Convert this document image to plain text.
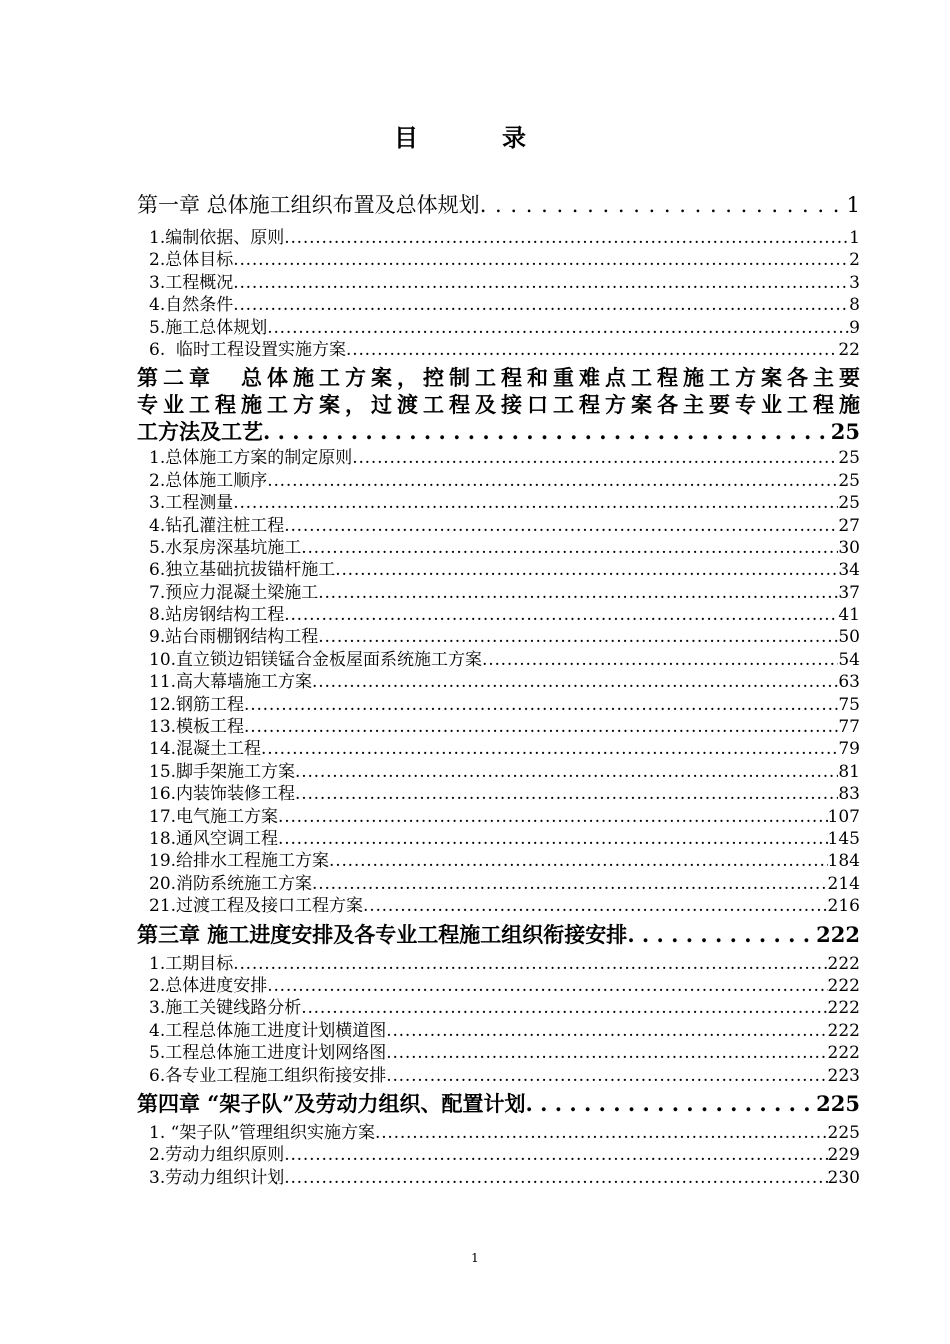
目　录
第一章 总体施工组织布置及总体规划 . . .	1
1.编制依据、原则 . . .	1
2.总体目标 . . .	2
3.工程概况 . . .	3
4.自然条件 . . .	8
5.施工总体规划 . . .	9
6.  临时工程设置实施方案 . . .	22
第二章　总体施工方案，控制工程和重难点工程施工方案各主要
专业工程施工方案，过渡工程及接口工程方案各主要专业工程施
工方法及工艺 . . .	25
1.总体施工方案的制定原则 . . .	25
2.总体施工顺序 . . .	25
3.工程测量 . . .	25
4.钻孔灌注桩工程 . . .	27
5.水泵房深基坑施工 . . .	30
6.独立基础抗拔锚杆施工 . . .	34
7.预应力混凝土梁施工 . . .	37
8.站房钢结构工程 . . .	41
9.站台雨棚钢结构工程 . . .	50
10.直立锁边铝镁锰合金板屋面系统施工方案 . . .	54
11.高大幕墙施工方案 . . .	63
12.钢筋工程 . . .	75
13.模板工程 . . .	77
14.混凝土工程 . . .	79
15.脚手架施工方案 . . .	81
16.内装饰装修工程 . . .	83
17.电气施工方案 . . .	107
18.通风空调工程 . . .	145
19.给排水工程施工方案 . . .	184
20.消防系统施工方案 . . .	214
21.过渡工程及接口工程方案 . . .	216
第三章 施工进度安排及各专业工程施工组织衔接安排 . . .	222
1.工期目标 . . .	222
2.总体进度安排 . . .	222
3.施工关键线路分析 . . .	222
4.工程总体施工进度计划横道图 . . .	222
5.工程总体施工进度计划网络图 . . .	222
6.各专业工程施工组织衔接安排 . . .	223
第四章 “架子队”及劳动力组织、配置计划 . . .	225
1. “架子队”管理组织实施方案 . . .	225
2.劳动力组织原则 . . .	229
3.劳动力组织计划 . . .	230
1
